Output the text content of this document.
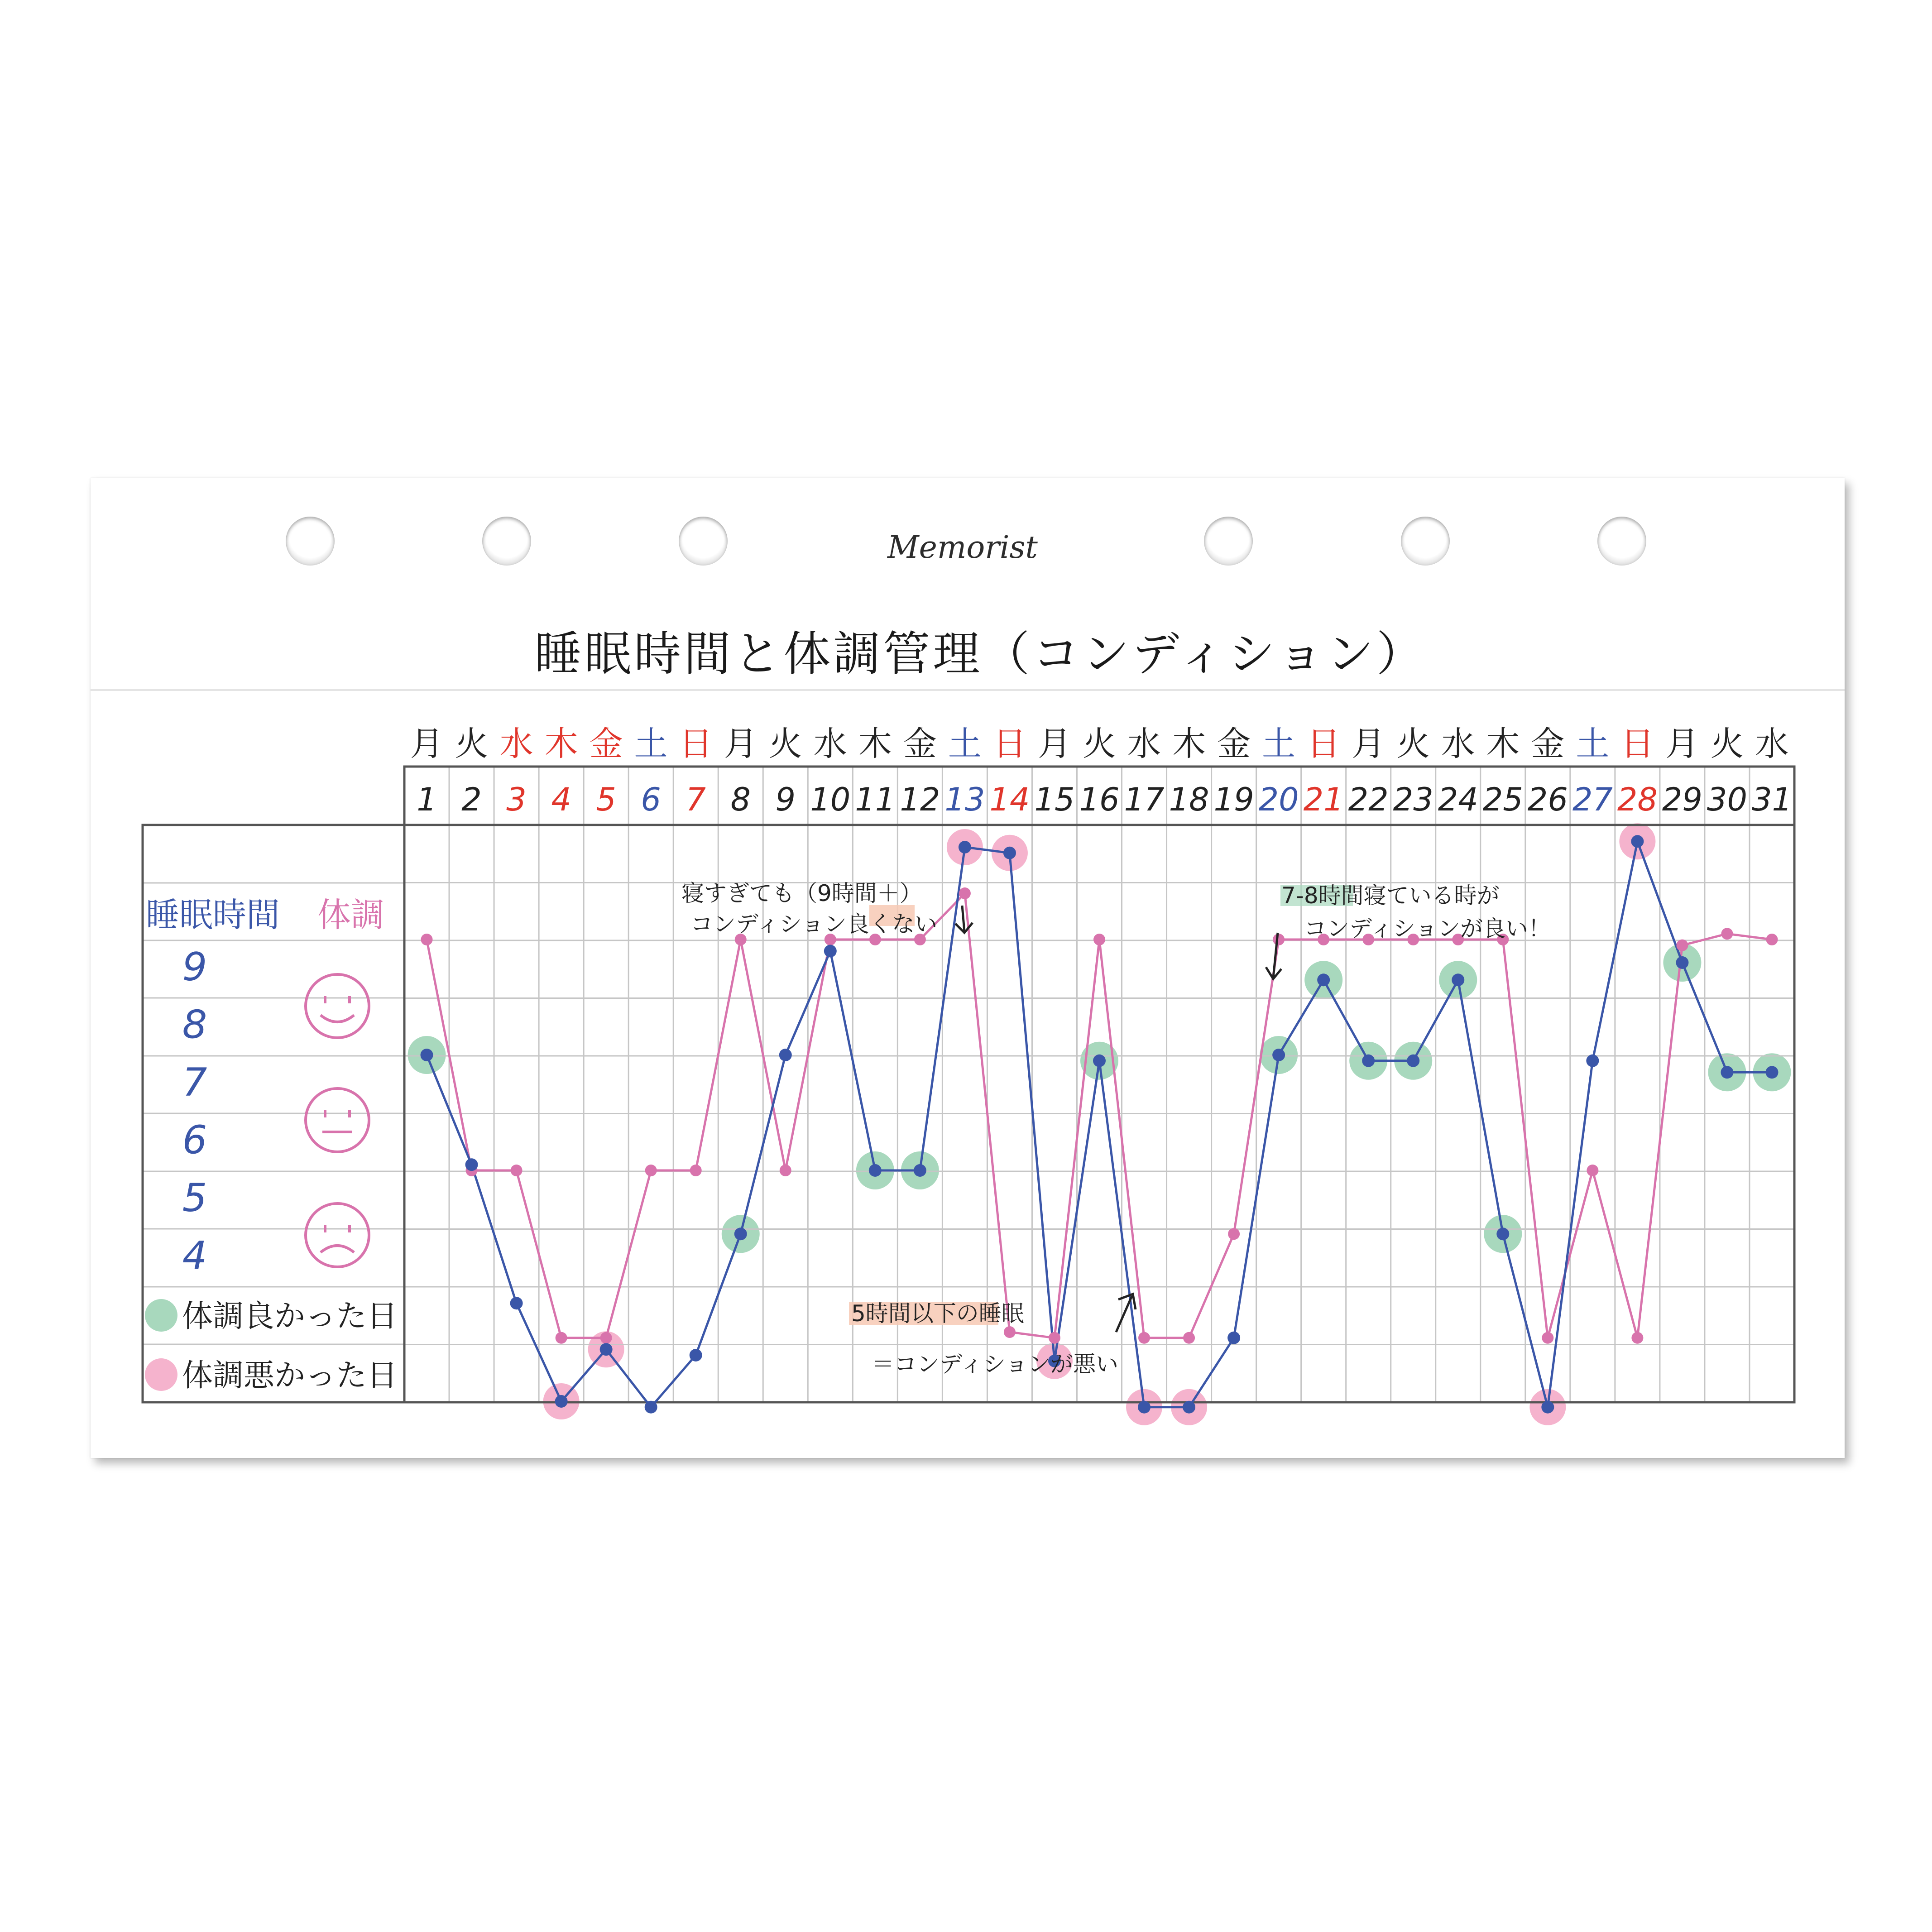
Memorist
睡眠時間と体調管理（コンディション）
月
1
火
2
水
3
木
4
金
5
土
6
日
7
月
8
火
9
水
10
木
11
金
12
土
13
日
14
月
15
火
16
水
17
木
18
金
19
土
20
日
21
月
22
火
23
水
24
木
25
金
26
土
27
日
28
月
29
火
30
水
31
睡眠時間 体調
9
8
7
6
5
4
体調良かった日
体調悪かった日
寝すぎても（9時間＋）
コンディション良くない
7-8時間寝ている時が
コンディションが良い！
5時間以下の睡眠
＝コンディションが悪い
